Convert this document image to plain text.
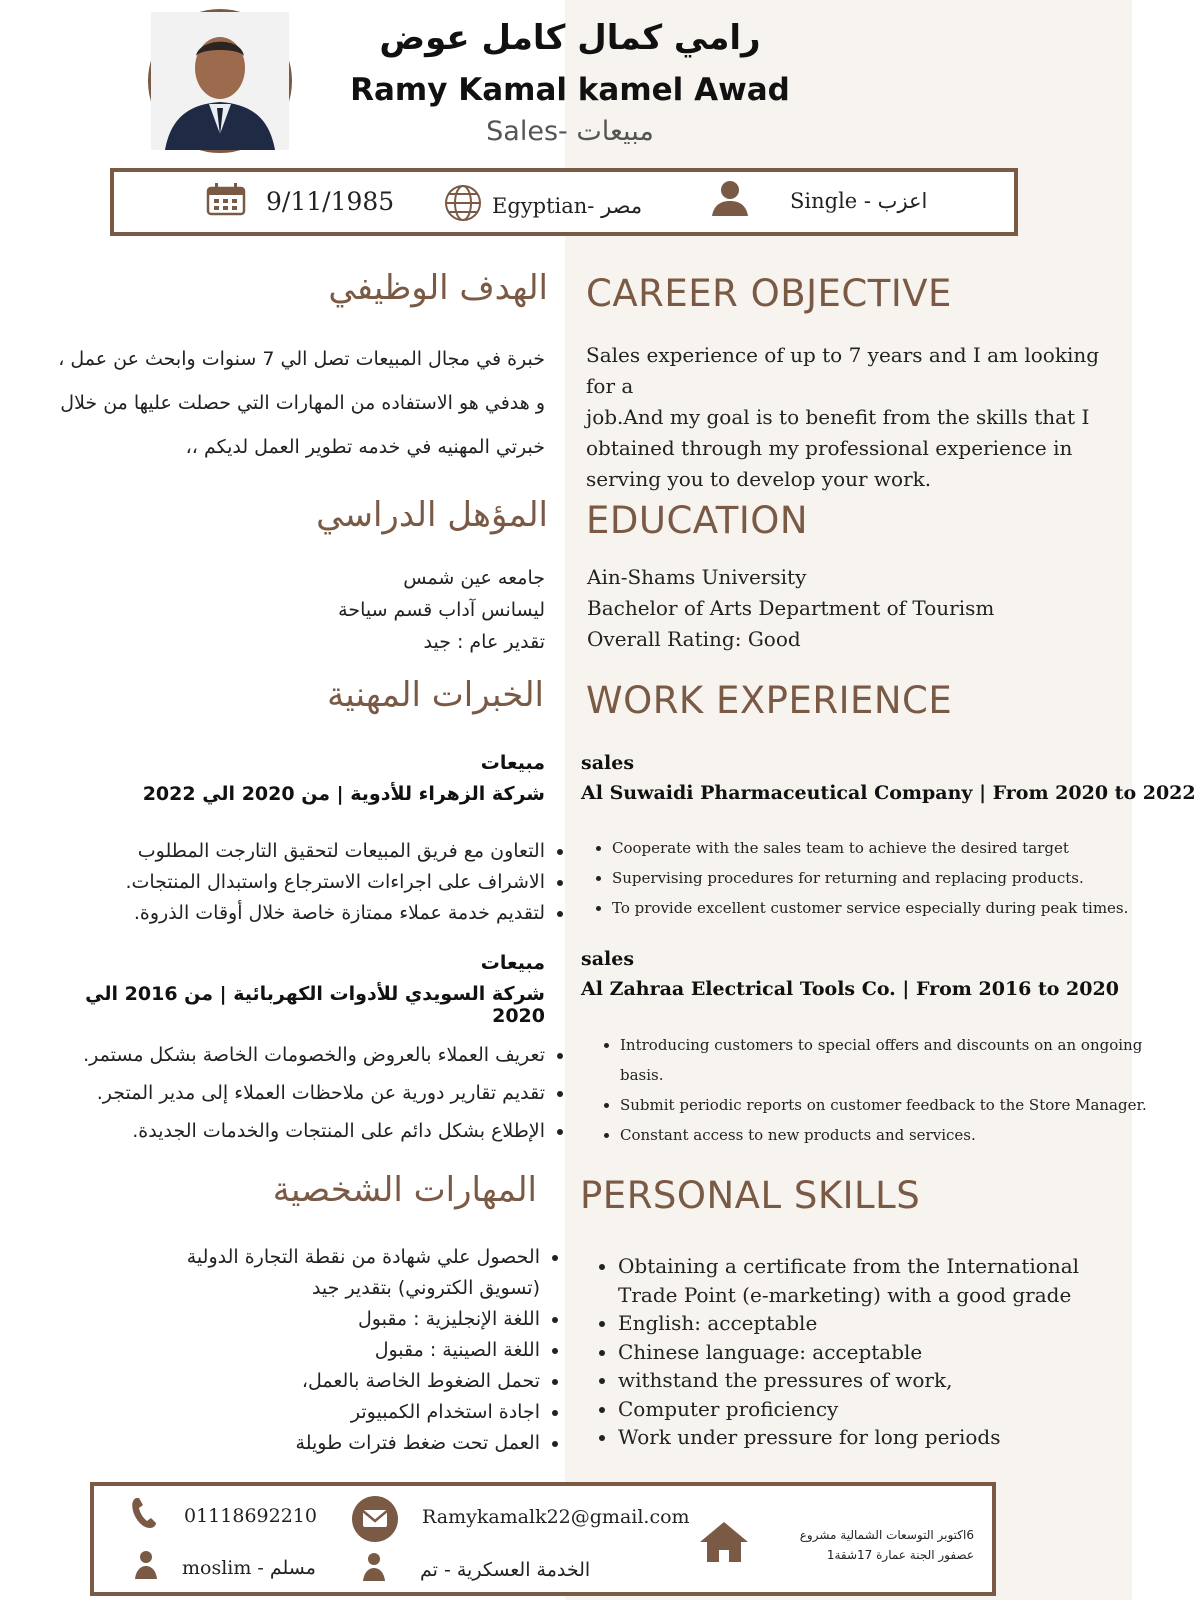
رامي كمال كامل عوض
Ramy Kamal kamel Awad
Sales- مبيعات
9/11/1985	Egyptian- مصر	Single - اعزب
الهدف الوظيفي CAREER OBJECTIVE
خبرة في مجال المبيعات تصل الي 7 سنوات وابحث عن عمل ،
و هدفي هو الاستفاده من المهارات التي حصلت عليها من خلال
خبرتي المهنيه في خدمه تطوير العمل لديكم ،،
Sales experience of up to 7 years and I am looking for a
job.And my goal is to benefit from the skills that I
obtained through my professional experience in
serving you to develop your work.
المؤهل الدراسي EDUCATION
جامعه عين شمس
ليسانس آداب قسم سياحة
تقدير عام : جيد
Ain-Shams University
Bachelor of Arts Department of Tourism
Overall Rating: Good
الخبرات المهنية WORK EXPERIENCE
مبيعات
شركة الزهراء للأدوية | من 2020 الي 2022
• التعاون مع فريق المبيعات لتحقيق التارجت المطلوب
• الاشراف على اجراءات الاسترجاع واستبدال المنتجات.
• لتقديم خدمة عملاء ممتازة خاصة خلال أوقات الذروة.
مبيعات
شركة السويدي للأدوات الكهربائية | من 2016 الي 2020
• تعريف العملاء بالعروض والخصومات الخاصة بشكل مستمر.
• تقديم تقارير دورية عن ملاحظات العملاء إلى مدير المتجر.
• الإطلاع بشكل دائم على المنتجات والخدمات الجديدة.
sales
Al Suwaidi Pharmaceutical Company | From 2020 to 2022
• Cooperate with the sales team to achieve the desired target
• Supervising procedures for returning and replacing products.
• To provide excellent customer service especially during peak times.
sales
Al Zahraa Electrical Tools Co. | From 2016 to 2020
• Introducing customers to special offers and discounts on an ongoing basis.
• Submit periodic reports on customer feedback to the Store Manager.
• Constant access to new products and services.
المهارات الشخصية PERSONAL SKILLS
• الحصول علي شهادة من نقطة التجارة الدولية (تسويق الكتروني) بتقدير جيد
• اللغة الإنجليزية : مقبول
• اللغة الصينية : مقبول
• تحمل الضغوط الخاصة بالعمل،
• اجادة استخدام الكمبيوتر
• العمل تحت ضغط فترات طويلة
• Obtaining a certificate from the International Trade Point (e-marketing) with a good grade
• English: acceptable
• Chinese language: acceptable
• withstand the pressures of work,
• Computer proficiency
• Work under pressure for long periods
01118692210	Ramykamalk22@gmail.com
6اكتوبر التوسعات الشمالية مشروع
عصفور الجنة عمارة 17شقة1
moslim - مسلم	الخدمة العسكرية - تم
